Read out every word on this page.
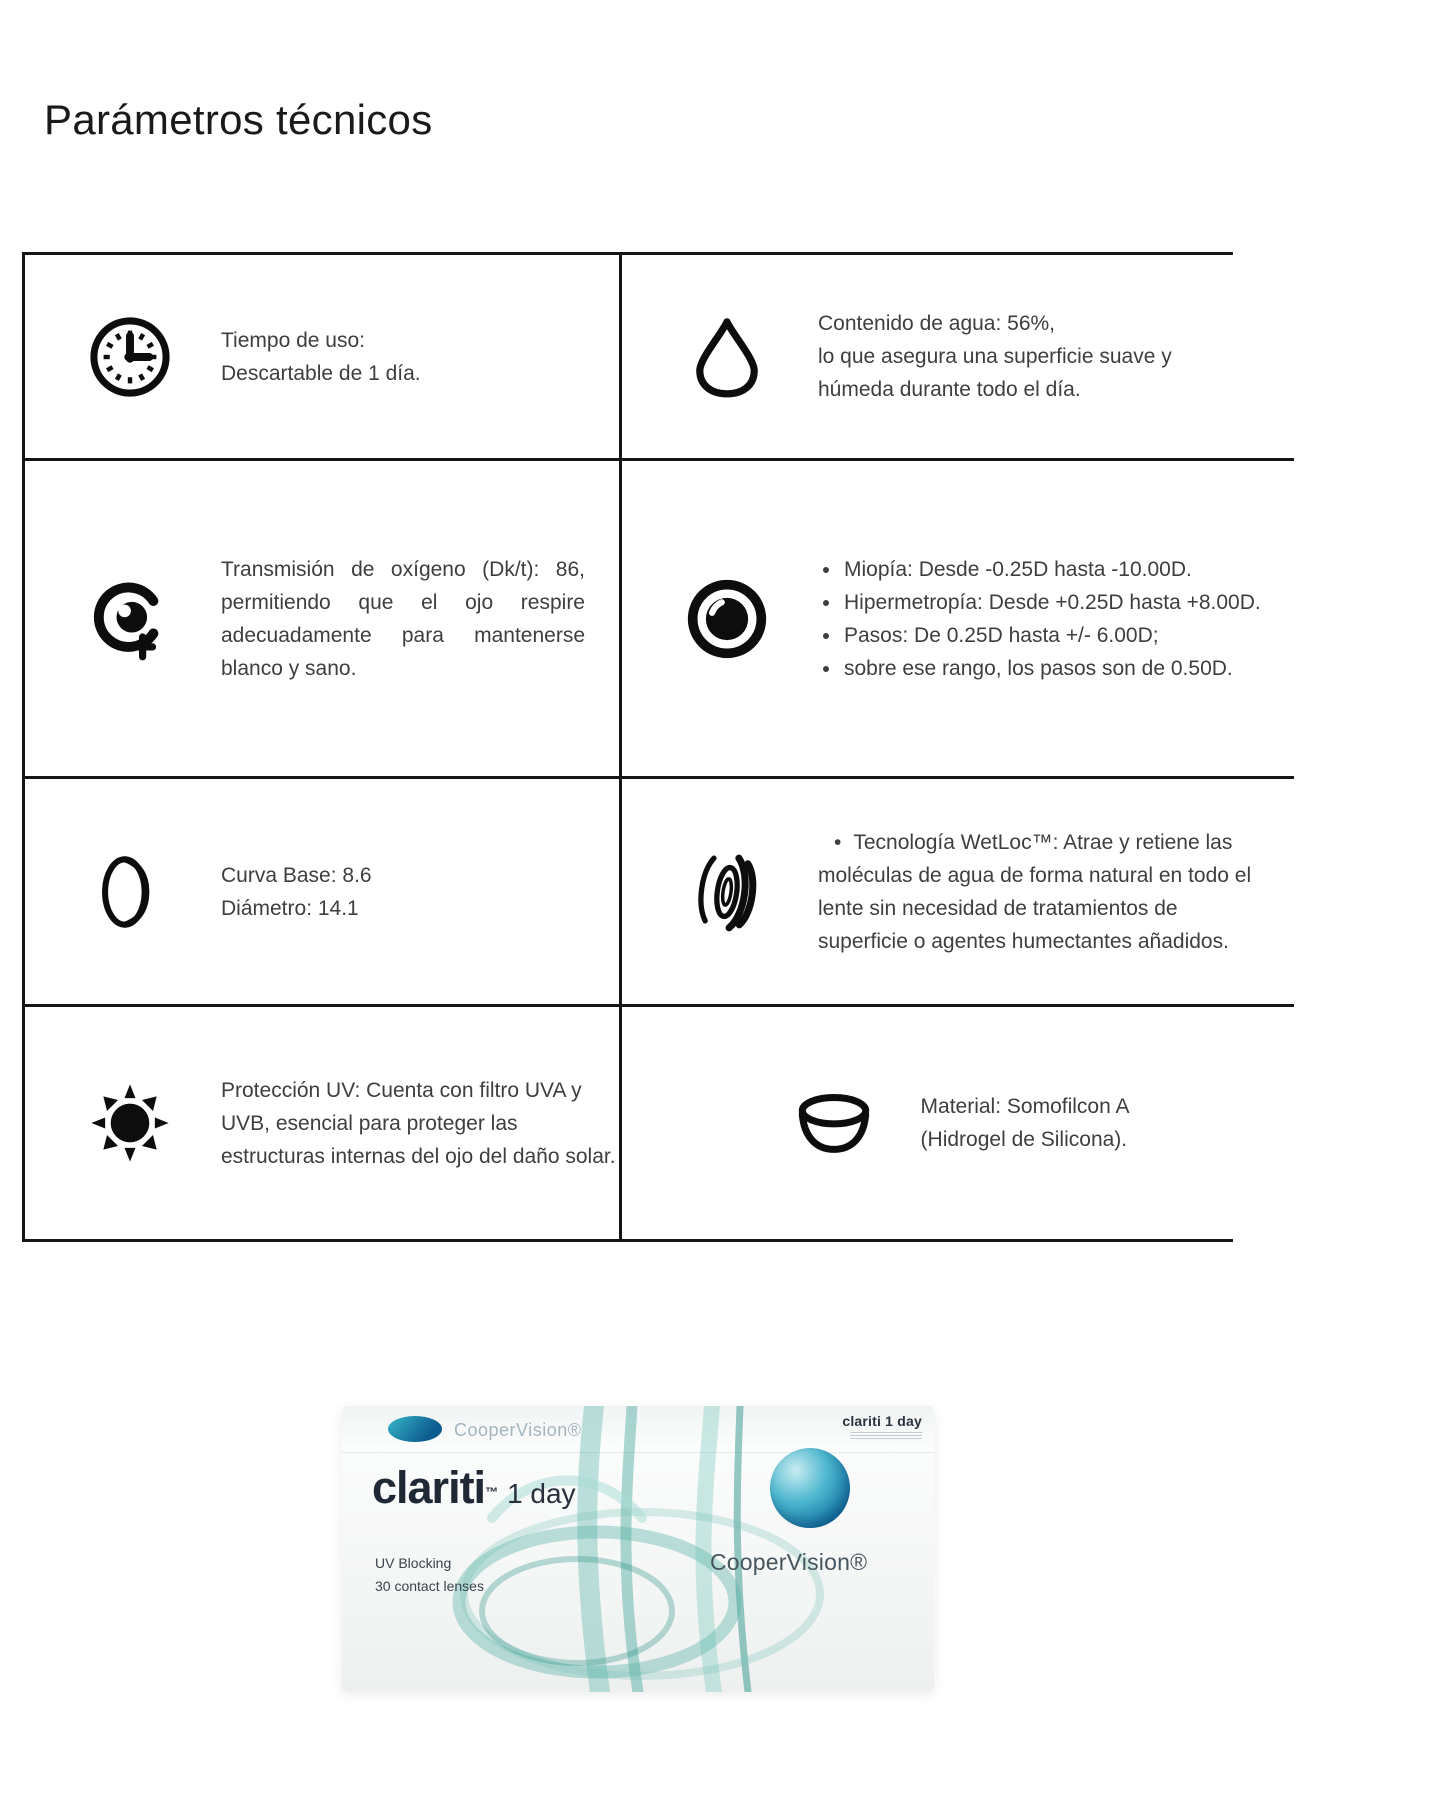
Parámetros técnicos
Tiempo de uso:
Descartable de 1 día.
Contenido de agua: 56%,
lo que asegura una superficie suave y
húmeda durante todo el día.

Transmisión de oxígeno (Dk/t): 86, permitiendo que el ojo respire adecuadamente para mantenerse blanco y sano.

• Miopía: Desde -0.25D hasta -10.00D.
• Hipermetropía: Desde +0.25D hasta +8.00D.
• Pasos: De 0.25D hasta +/- 6.00D;
• sobre ese rango, los pasos son de 0.50D.
Curva Base: 8.6
Diámetro: 14.1

• Tecnología WetLoc™: Atrae y retiene las moléculas de agua de forma natural en todo el lente sin necesidad de tratamientos de superficie o agentes humectantes añadidos.

Protección UV: Cuenta con filtro UVA y UVB, esencial para proteger las estructuras internas del ojo del daño solar.

Material: Somofilcon A
(Hidrogel de Silicona).
CooperVision®	clariti 1 day
clariti™ 1 day
UV Blocking
30 contact lenses
CooperVision®
